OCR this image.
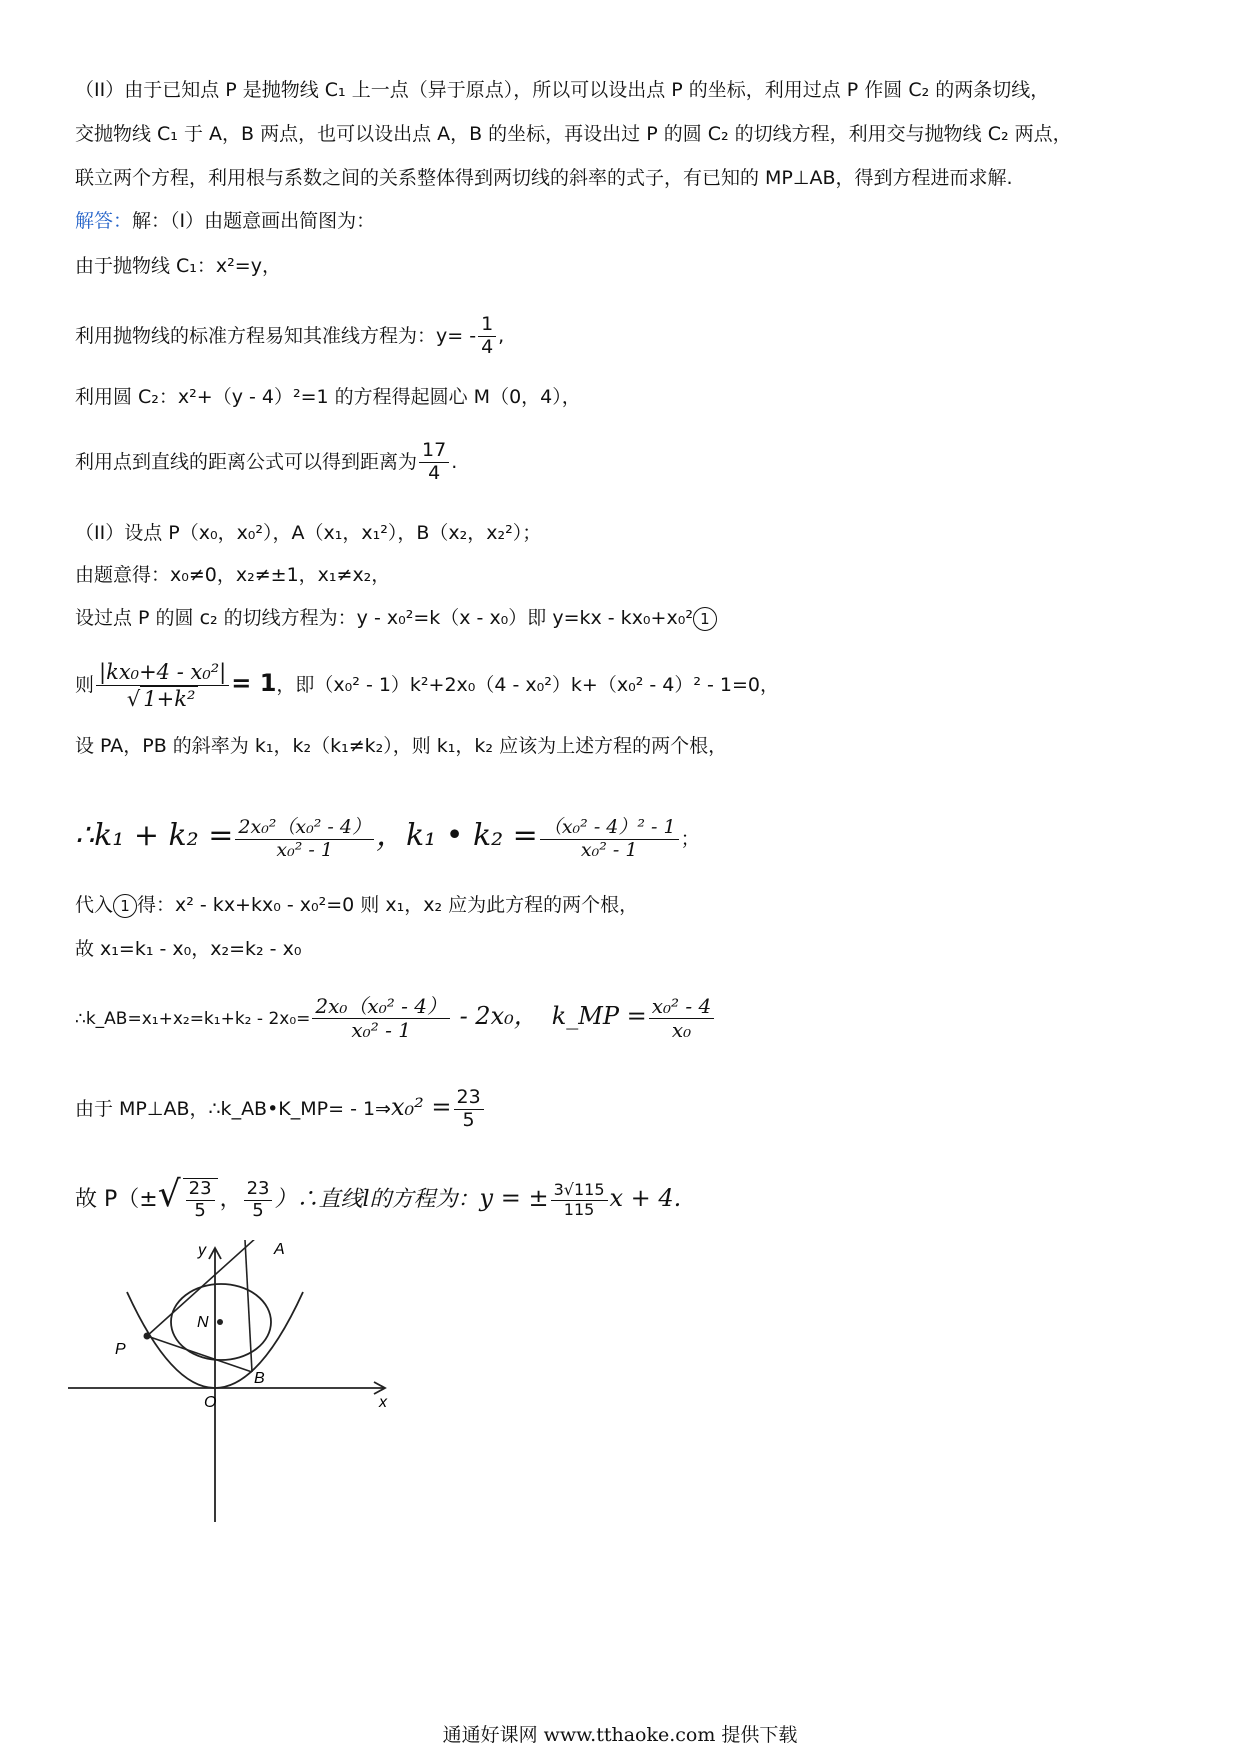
（II）由于已知点 P 是抛物线 C₁ 上一点（异于原点），所以可以设出点 P 的坐标，利用过点 P 作圆 C₂ 的两条切线，
交抛物线 C₁ 于 A，B 两点，也可以设出点 A，B 的坐标，再设出过 P 的圆 C₂ 的切线方程，利用交与抛物线 C₂ 两点，
联立两个方程，利用根与系数之间的关系整体得到两切线的斜率的式子，有已知的 MP⊥AB，得到方程进而求解.
解答：解：（I）由题意画出简图为：
由于抛物线 C₁：x²=y，
利用抛物线的标准方程易知其准线方程为：$y= - \frac{1}{4}$ ,
利用圆 C₂：x²+（y - 4）²=1 的方程得起圆心 M（0，4），
利用点到直线的距离公式可以得到距离为 $\frac{17}{4}$ .
（II）设点 P（x₀，x₀²），A（x₁，x₁²），B（x₂，x₂²）；
由题意得：x₀≠0，x₂≠±1，x₁≠x₂，
设过点 P 的圆 c₂ 的切线方程为：y - x₀²=k（x - x₀）即 y=kx - kx₀+x₀² 1
则 $\frac{\text{|kx₀+4 - x₀²|}}{\text{√ 1+k²}} = 1$，即（x₀² - 1）k²+2x₀（4 - x₀²）k+（x₀² - 4）² - 1=0，
设 PA，PB 的斜率为 k₁，k₂（k₁≠k₂），则 k₁，k₂ 应该为上述方程的两个根，
∴k₁ + $k_2 = \frac{\text{2x₀²（x₀² - 4）}}{\text{x₀² - 1}}$ ，k₁ • $k_2 = \frac{\text{（x₀² - 4）² - 1}}{\text{x₀² - 1}}$ ；
代入 1 得：x² - kx+kx₀ - x₀²=0 则 x₁，x₂ 应为此方程的两个根，
故 x₁=k₁ - x₀，x₂=k₂ - x₀
∴k_AB=x₁+x₂=k₁+k₂ - $2x_0= \frac{\text{2x₀（x₀² - 4）}}{\text{x₀² - 1}} - 2x_0$， k_MP = $\frac{\text{x₀² - 4}}{\text{x₀}}$
由于 MP⊥AB，∴k_AB•K_MP= - 1⇒x₀² = $\frac{23}{5}$
故 $P(\pm√ \frac{23}{5}$ ， $\frac{23}{5}$ ）∴直线l的方程为：y = ± $\frac{3√115}{115}$ x + 4.
y	A
N
P
B
O	x
通通好课网 www.tthaoke.com 提供下载
